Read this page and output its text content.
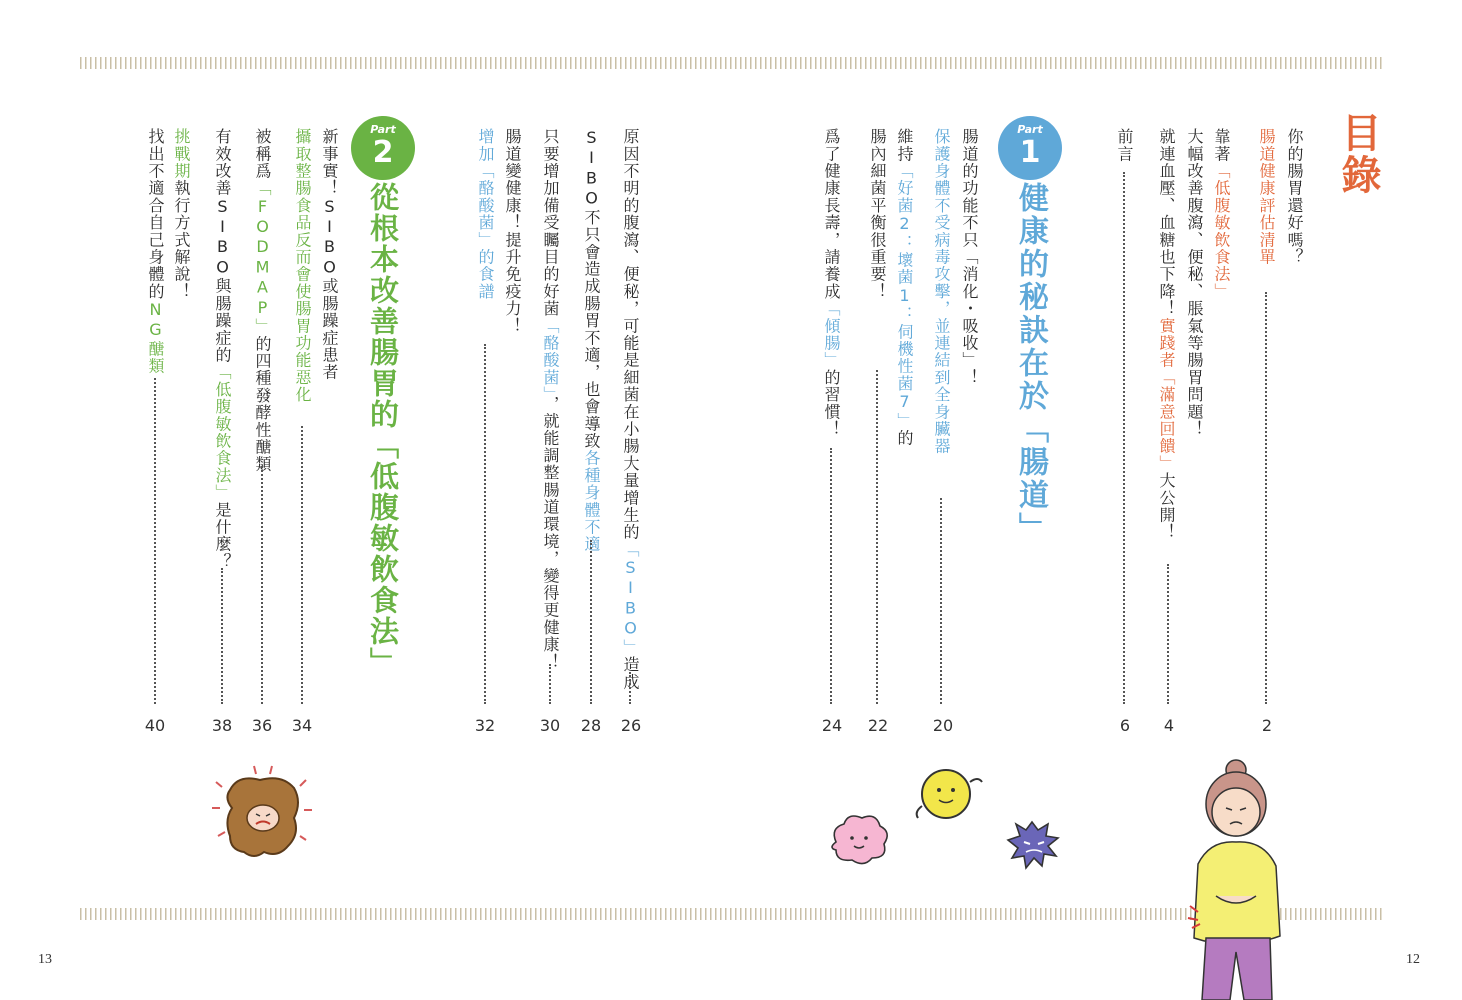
13	12
目錄
你的腸胃還好嗎？
腸道健康評估清單
2
靠著「低腹敏飲食法」
大幅改善腹瀉、便秘、脹氣等腸胃問題！
就連血壓、血糖也下降！實踐者「滿意回饋」大公開！
4
前言
6
Part
1
健康的秘訣在於「腸道」
腸道的功能不只「消化・吸收」！
保護身體不受病毒攻擊，並連結到全身臟器
20
維持「好菌2：壞菌1：伺機性菌7」的
腸內細菌平衡很重要！
22
爲了健康長壽，請養成「傾腸」的習慣！
24
原因不明的腹瀉、便秘，可能是細菌在小腸大量增生的「SIBO」造成
26
SIBO不只會造成腸胃不適，也會導致各種身體不適
28
只要增加備受矚目的好菌「酪酸菌」，就能調整腸道環境，變得更健康！
30
腸道變健康！提升免疫力！
增加「酪酸菌」的食譜
32
Part
2
從根本改善腸胃的「低腹敏飲食法」
新事實！SIBO或腸躁症患者
攝取整腸食品反而會使腸胃功能惡化
34
被稱爲「FODMAP」的四種發酵性醣類
36
有效改善SIBO與腸躁症的「低腹敏飲食法」是什麼？
38
挑戰期執行方式解說！
找出不適合自己身體的NG醣類
40
